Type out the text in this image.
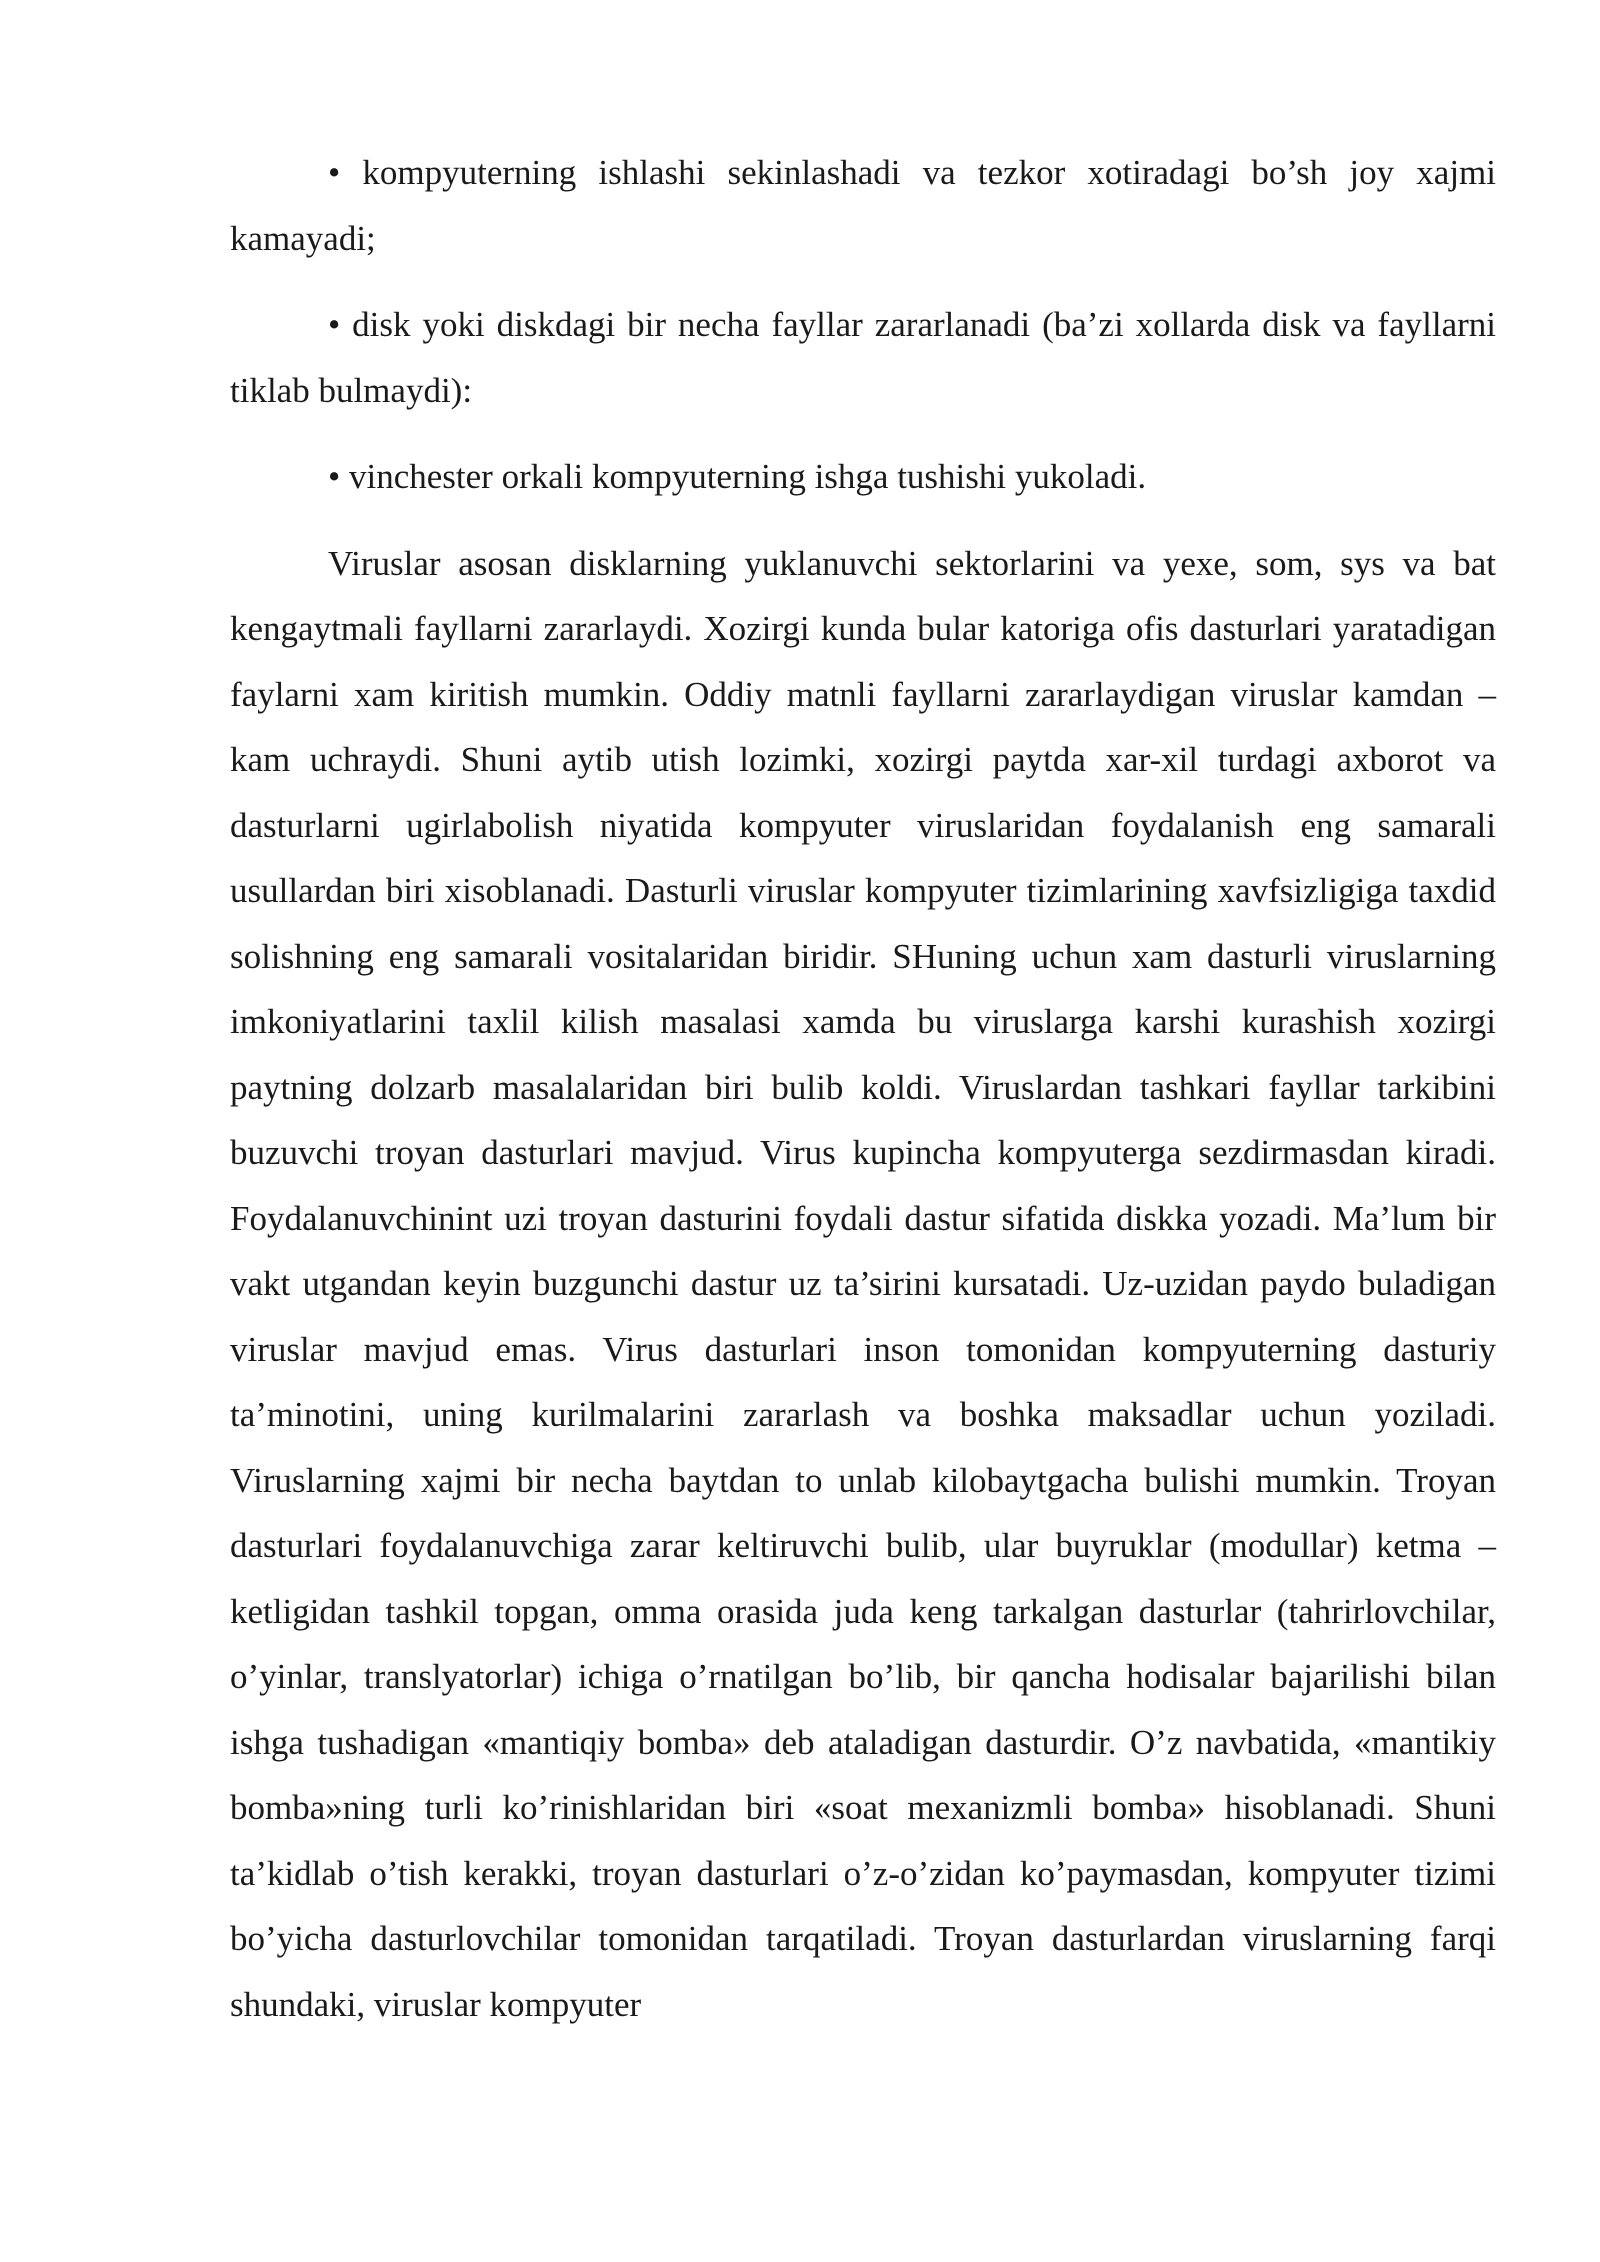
• kompyuterning ishlashi sekinlashadi va tezkor xotiradagi bo’sh joy xajmi kamayadi;

• disk yoki diskdagi bir necha fayllar zararlanadi (ba’zi xollarda disk va fayllarni tiklab bulmaydi):

• vinchester orkali kompyuterning ishga tushishi yukoladi.

Viruslar asosan disklarning yuklanuvchi sektorlarini va yexe, som, sys va bat kengaytmali fayllarni zararlaydi. Xozirgi kunda bular katoriga ofis dasturlari yaratadigan faylarni xam kiritish mumkin. Oddiy matnli fayllarni zararlaydigan viruslar kamdan – kam uchraydi. Shuni aytib utish lozimki, xozirgi paytda xar-xil turdagi axborot va dasturlarni ugirlabolish niyatida kompyuter viruslaridan foydalanish eng samarali usullardan biri xisoblanadi. Dasturli viruslar kompyuter tizimlarining xavfsizligiga taxdid solishning eng samarali vositalaridan biridir. SHuning uchun xam dasturli viruslarning imkoniyatlarini taxlil kilish masalasi xamda bu viruslarga karshi kurashish xozirgi paytning dolzarb masalalaridan biri bulib koldi. Viruslardan tashkari fayllar tarkibini buzuvchi troyan dasturlari mavjud. Virus kupincha kompyuterga sezdirmasdan kiradi. Foydalanuvchinint uzi troyan dasturini foydali dastur sifatida diskka yozadi. Ma’lum bir vakt utgandan keyin buzgunchi dastur uz ta’sirini kursatadi. Uz-uzidan paydo buladigan viruslar mavjud emas. Virus dasturlari inson tomonidan kompyuterning dasturiy ta’minotini, uning kurilmalarini zararlash va boshka maksadlar uchun yoziladi. Viruslarning xajmi bir necha baytdan to unlab kilobaytgacha bulishi mumkin. Troyan dasturlari foydalanuvchiga zarar keltiruvchi bulib, ular buyruklar (modullar) ketma – ketligidan tashkil topgan, omma orasida juda keng tarkalgan dasturlar (tahrirlovchilar, o’yinlar, translyatorlar) ichiga o’rnatilgan bo’lib, bir qancha hodisalar bajarilishi bilan ishga tushadigan «mantiqiy bomba» deb ataladigan dasturdir. O’z navbatida, «mantikiy bomba»ning turli ko’rinishlaridan biri «soat mexanizmli bomba» hisoblanadi. Shuni ta’kidlab o’tish kerakki, troyan dasturlari o’z-o’zidan ko’paymasdan, kompyuter tizimi bo’yicha dasturlovchilar tomonidan tarqatiladi. Troyan dasturlardan viruslarning farqi shundaki, viruslar kompyuter
